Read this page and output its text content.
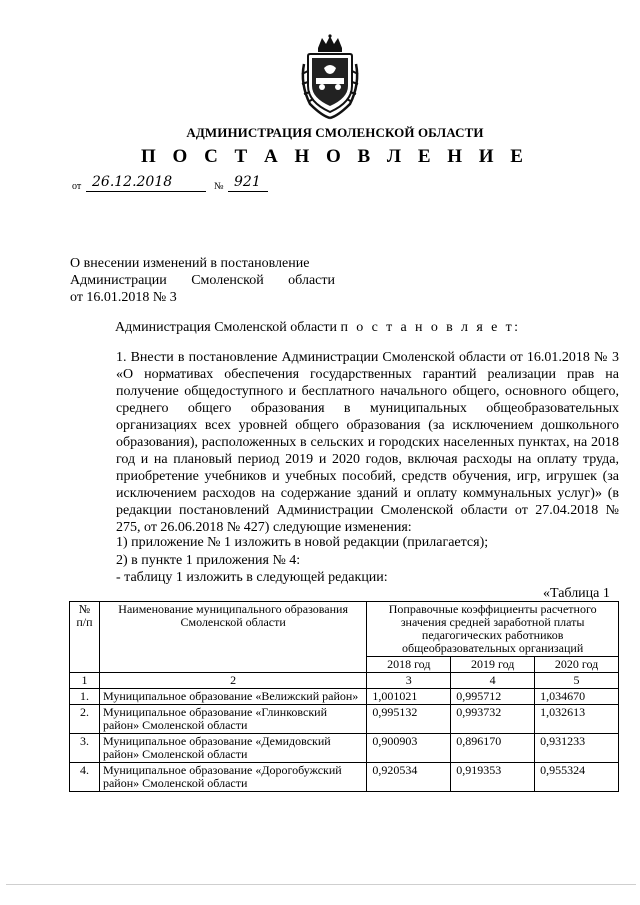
АДМИНИСТРАЦИЯ СМОЛЕНСКОЙ ОБЛАСТИ
П О С Т А Н О В Л Е Н И Е
от 26.12.2018	№ 921
О внесении изменений в постановление
Администрации Смоленской области
от 16.01.2018 № 3
Администрация Смоленской области п о с т а н о в л я е т:
1. Внести в постановление Администрации Смоленской области от 16.01.2018 № 3 «О нормативах обеспечения государственных гарантий реализации прав на получение общедоступного и бесплатного начального общего, основного общего, среднего общего образования в муниципальных общеобразовательных организациях всех уровней общего образования (за исключением дошкольного образования), расположенных в сельских и городских населенных пунктах, на 2018 год и на плановый период 2019 и 2020 годов, включая расходы на оплату труда, приобретение учебников и учебных пособий, средств обучения, игр, игрушек (за исключением расходов на содержание зданий и оплату коммунальных услуг)» (в редакции постановлений Администрации Смоленской области от 27.04.2018 № 275, от 26.06.2018 № 427) следующие изменения:
1) приложение № 1 изложить в новой редакции (прилагается);
2) в пункте 1 приложения № 4:
- таблицу 1 изложить в следующей редакции:
«Таблица 1
№ п/п	Наименование муниципального образования Смоленской области	Поправочные коэффициенты расчетного значения средней заработной платы педагогических работников общеобразовательных организаций		
		2018 год	2019 год	2020 год
1	2	3	4	5
1.	Муниципальное образование «Велижский район»	1,001021	0,995712	1,034670
2.	Муниципальное образование «Глинковский район» Смоленской области	0,995132	0,993732	1,032613
3.	Муниципальное образование «Демидовский район» Смоленской области	0,900903	0,896170	0,931233
4.	Муниципальное образование «Дорогобужский район» Смоленской области	0,920534	0,919353	0,955324
